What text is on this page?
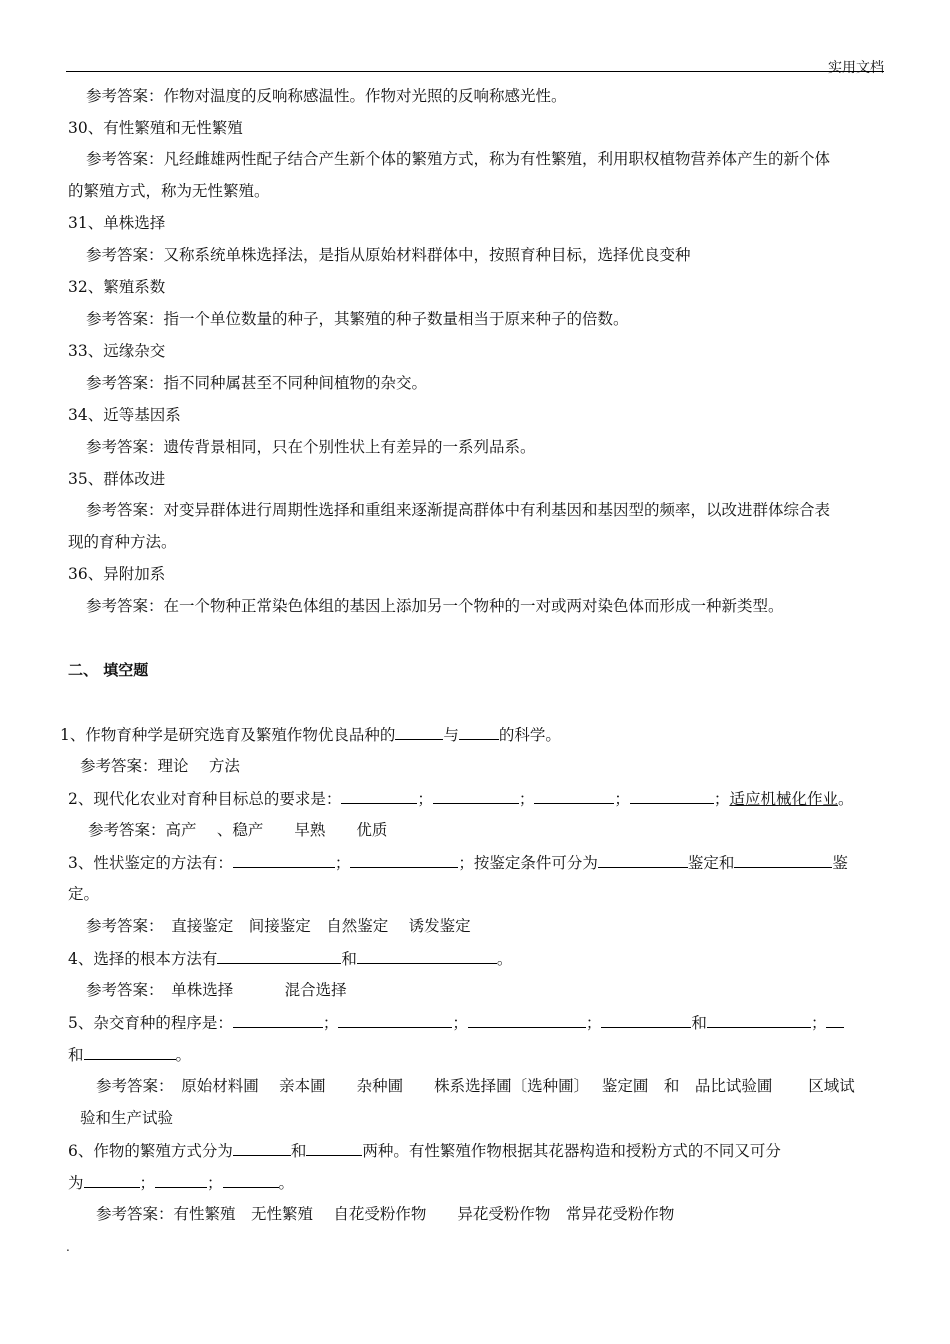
实用文档
参考答案：作物对温度的反响称感温性。作物对光照的反响称感光性。
30、有性繁殖和无性繁殖
参考答案：凡经雌雄两性配子结合产生新个体的繁殖方式，称为有性繁殖，利用职权植物营养体产生的新个体
的繁殖方式，称为无性繁殖。
31、单株选择
参考答案：又称系统单株选择法，是指从原始材料群体中，按照育种目标，选择优良变种
32、繁殖系数
参考答案：指一个单位数量的种子，其繁殖的种子数量相当于原来种子的倍数。
33、远缘杂交
参考答案：指不同种属甚至不同种间植物的杂交。
34、近等基因系
参考答案：遗传背景相同，只在个别性状上有差异的一系列品系。
35、群体改进
参考答案：对变异群体进行周期性选择和重组来逐渐提高群体中有利基因和基因型的频率，以改进群体综合表
现的育种方法。
36、异附加系
参考答案：在一个物种正常染色体组的基因上添加另一个物种的一对或两对染色体而形成一种新类型。
二、 填空题
1、作物育种学是研究选育及繁殖作物优良品种的	与	的科学。
参考答案：理论　 方法
2、现代化农业对育种目标总的要求是：	；	；	；	；适应机械化作业。
参考答案：高产　 、稳产　　早熟　　优质
3、性状鉴定的方法有：	；	；按鉴定条件可分为	鉴定和	鉴
定。
参考答案：　直接鉴定　间接鉴定　自然鉴定　 诱发鉴定
4、选择的根本方法有	和	。
参考答案：　单株选择　　　 混合选择
5、杂交育种的程序是：	；	；	；	和	；
和	。
参考答案：　原始材料圃　 亲本圃　　杂种圃　　株系选择圃〔选种圃〕　 鉴定圃　和　品比试验圃　　 区域试
验和生产试验
6、作物的繁殖方式分为	和	两种。有性繁殖作物根据其花器构造和授粉方式的不同又可分
为	；	；	。
参考答案：有性繁殖　无性繁殖　 自花受粉作物　　异花受粉作物　常异花受粉作物
.
